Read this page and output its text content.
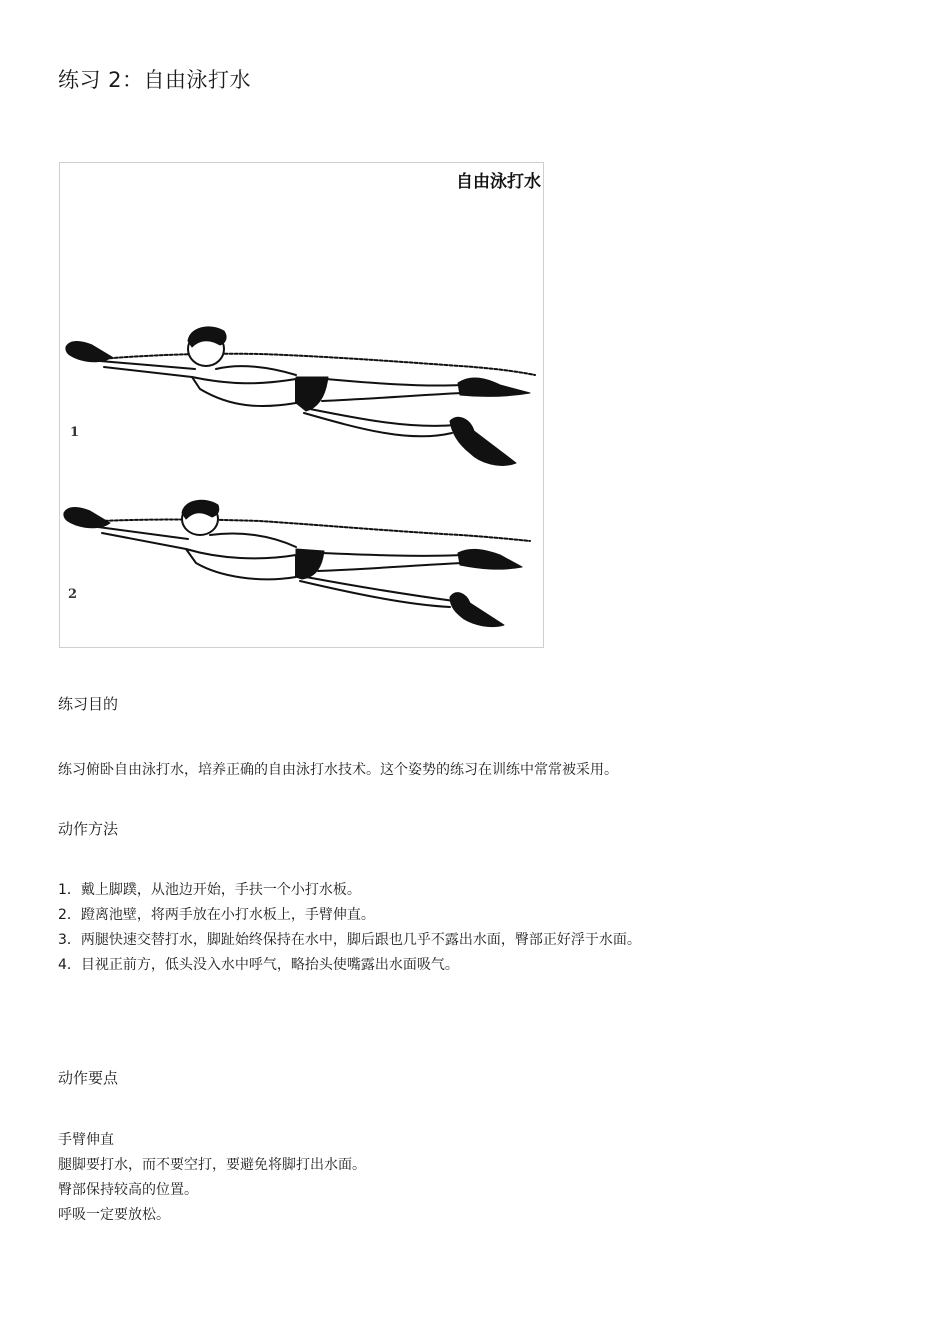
练习 2：自由泳打水
自由泳打水
1
2
练习目的

练习俯卧自由泳打水，培养正确的自由泳打水技术。这个姿势的练习在训练中常常被采用。

动作方法
1．戴上脚蹼，从池边开始，手扶一个小打水板。
2．蹬离池壁，将两手放在小打水板上，手臂伸直。
3．两腿快速交替打水，脚趾始终保持在水中，脚后跟也几乎不露出水面，臀部正好浮于水面。
4．目视正前方，低头没入水中呼气，略抬头使嘴露出水面吸气。
动作要点
手臂伸直
腿脚要打水，而不要空打，要避免将脚打出水面。
臀部保持较高的位置。
呼吸一定要放松。
